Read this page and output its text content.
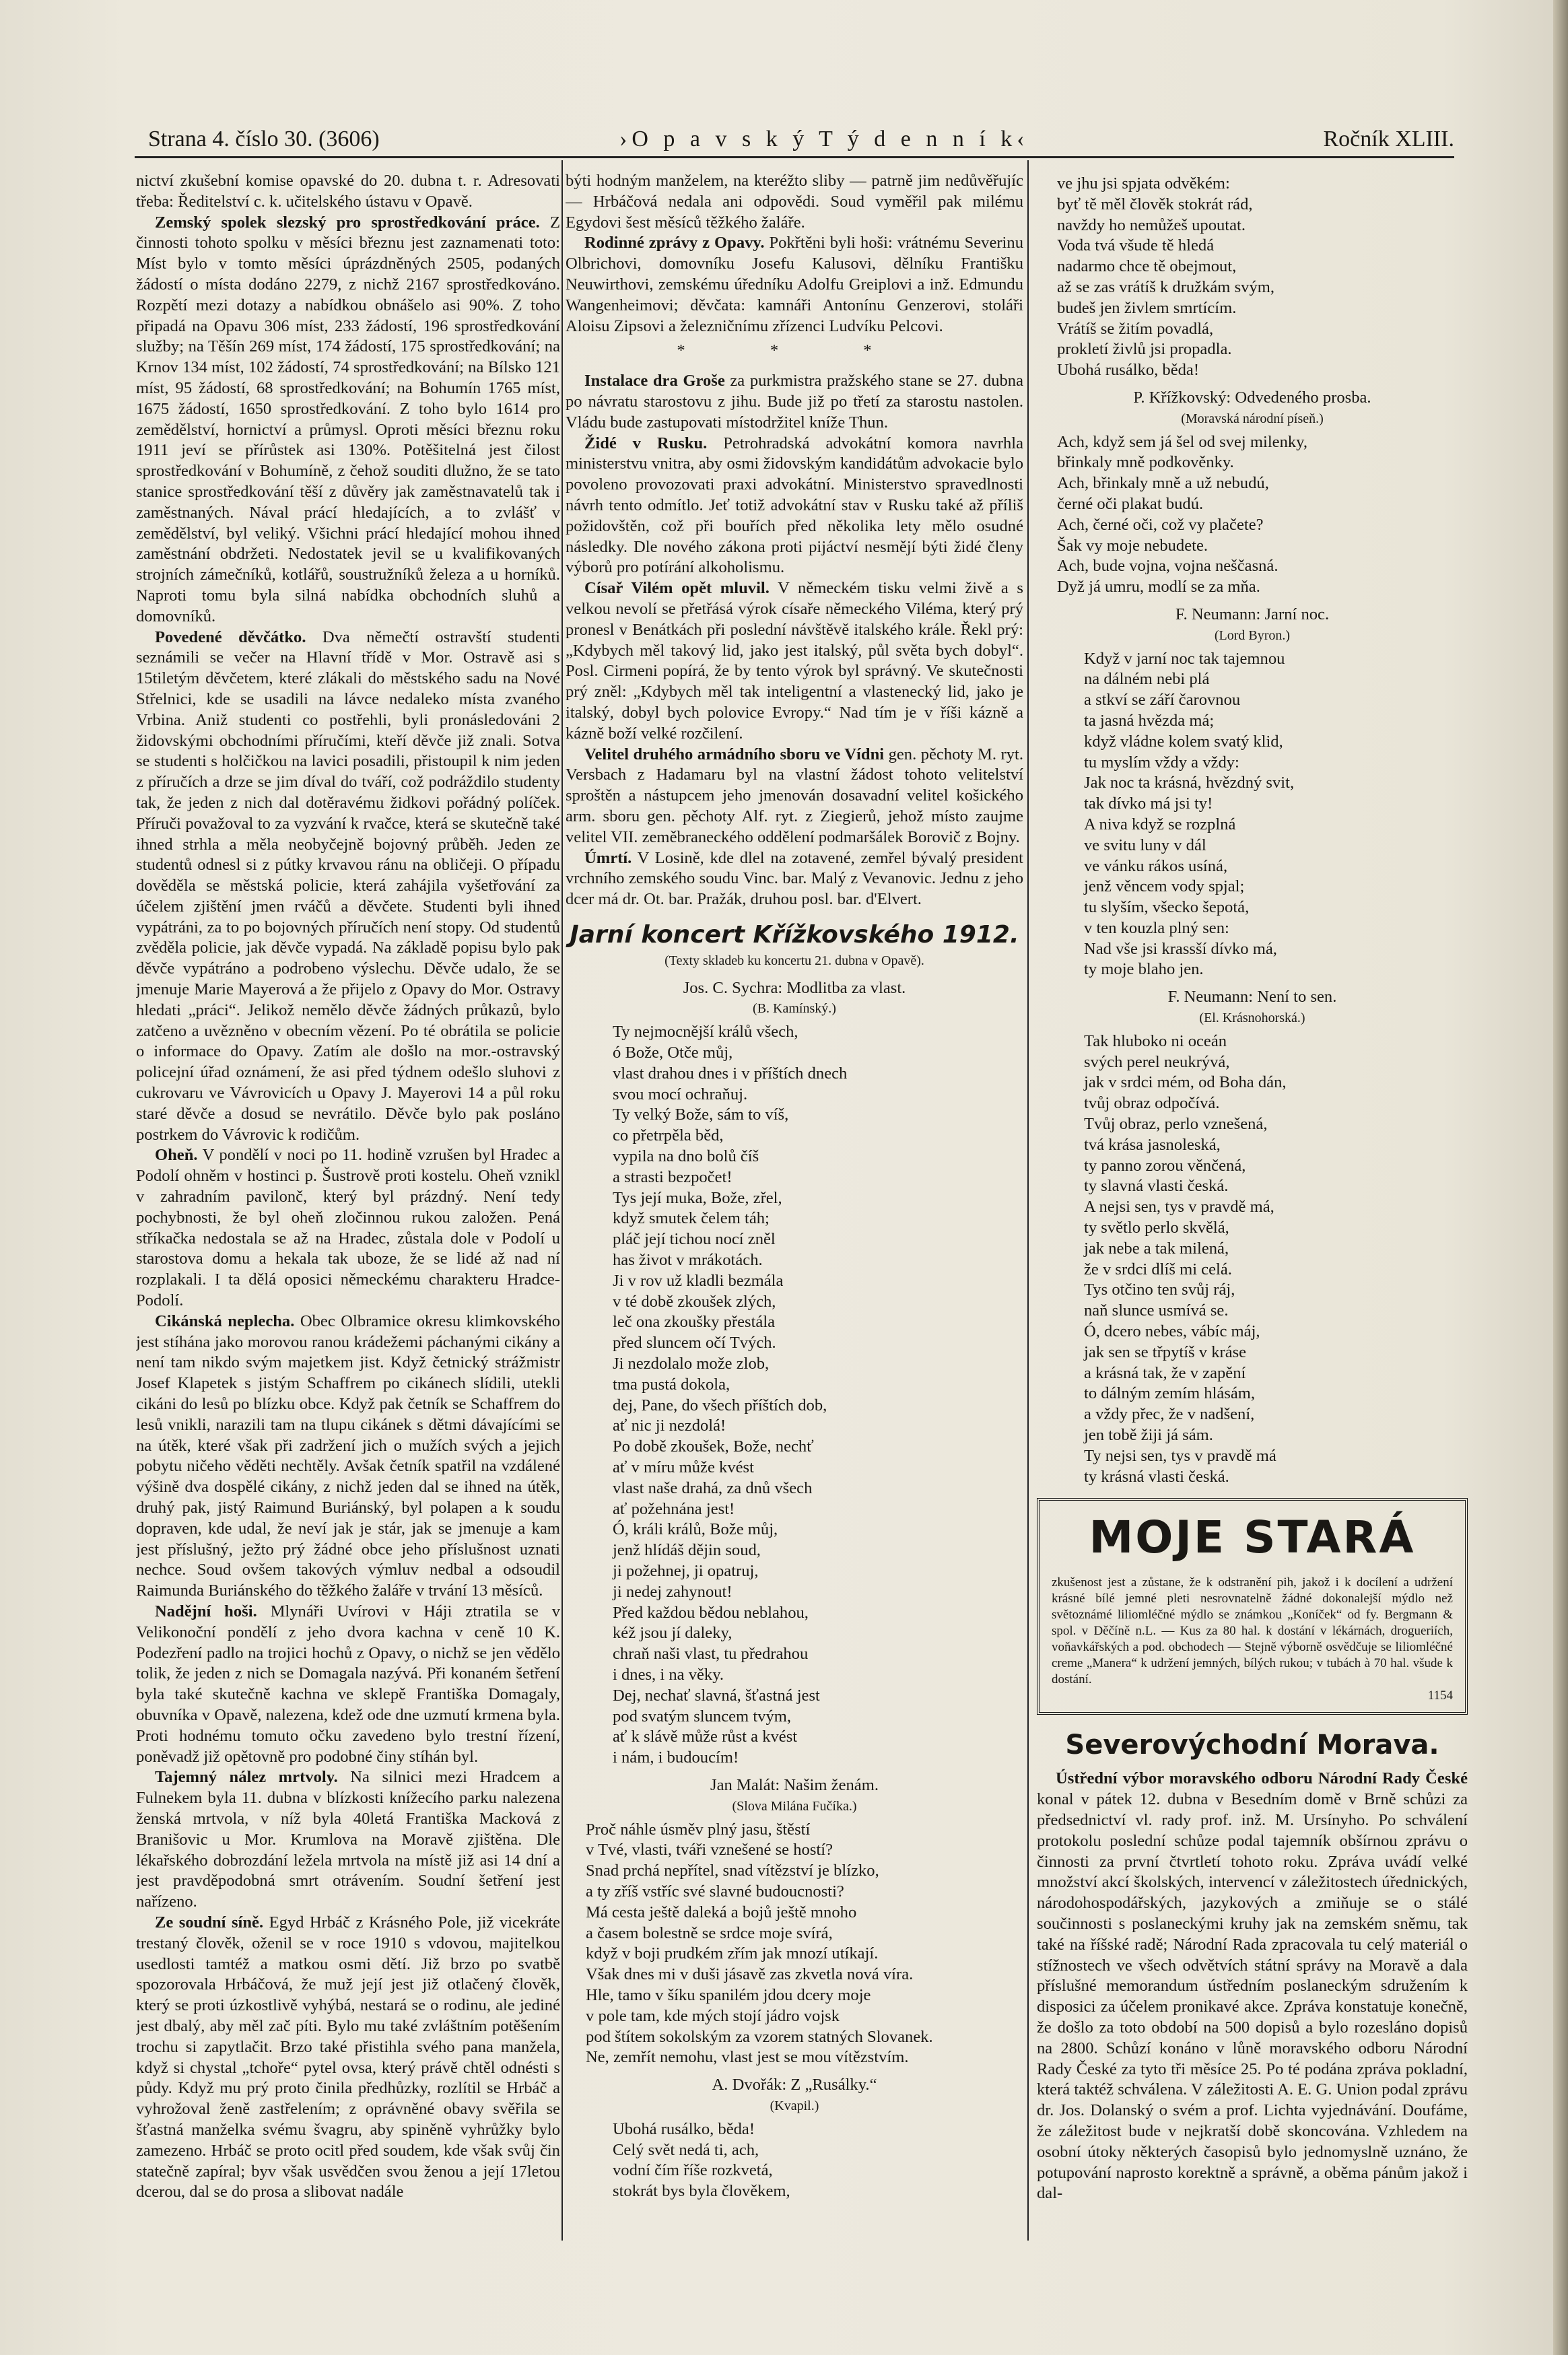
Strana 4. číslo 30. (3606)	›O p a v s k ý T ý d e n n í k‹	Ročník XLIII.

nictví zkušební komise opavské do 20. dubna t. r. Adresovati třeba: Ředitelství c. k. učitelského ústavu v Opavě.

Zemský spolek slezský pro sprostředkování práce. Z činnosti tohoto spolku v měsíci březnu jest zaznamenati toto: Míst bylo v tomto měsíci úprázdněných 2505, podaných žádostí o místa dodáno 2279, z nichž 2167 sprostředkováno. Rozpětí mezi dotazy a nabídkou obnášelo asi 90%. Z toho připadá na Opavu 306 míst, 233 žádostí, 196 sprostředkování služby; na Těšín 269 míst, 174 žádostí, 175 sprostředkování; na Krnov 134 míst, 102 žádostí, 74 sprostředkování; na Bílsko 121 míst, 95 žádostí, 68 sprostředkování; na Bohumín 1765 míst, 1675 žádostí, 1650 sprostředkování. Z toho bylo 1614 pro zemědělství, hornictví a průmysl. Oproti měsíci březnu roku 1911 jeví se přírůstek asi 130%. Potěšitelná jest čilost sprostředkování v Bohumíně, z čehož souditi dlužno, že se tato stanice sprostředkování těší z důvěry jak zaměstnavatelů tak i zaměstnaných. Nával prácí hledajících, a to zvlášť v zemědělství, byl veliký. Všichni prácí hledající mohou ihned zaměstnání obdržeti. Nedostatek jevil se u kvalifikovaných strojních zámečníků, kotlářů, soustružníků železa a u horníků. Naproti tomu byla silná nabídka obchodních sluhů a domovníků.

Povedené děvčátko. Dva němečtí ostravští studenti seznámili se večer na Hlavní třídě v Mor. Ostravě asi s 15tiletým děvčetem, které zlákali do městského sadu na Nové Střelnici, kde se usadili na lávce nedaleko místa zvaného Vrbina. Aniž studenti co postřehli, byli pronásledováni 2 židovskými obchodními příručími, kteří děvče již znali. Sotva se studenti s holčičkou na lavici posadili, přistoupil k nim jeden z příručích a drze se jim díval do tváří, což podráždilo studenty tak, že jeden z nich dal dotěravému židkovi pořádný políček. Příruči považoval to za vyzvání k rvačce, která se skutečně také ihned strhla a měla neobyčejně bojovný průběh. Jeden ze studentů odnesl si z pútky krvavou ránu na obličeji. O případu dověděla se městská policie, která zahájila vyšetřování za účelem zjištění jmen rváčů a děvčete. Studenti byli ihned vypátráni, za to po bojovných příručích není stopy. Od studentů zvěděla policie, jak děvče vypadá. Na základě popisu bylo pak děvče vypátráno a podrobeno výslechu. Děvče udalo, že se jmenuje Marie Mayerová a že přijelo z Opavy do Mor. Ostravy hledati „práci“. Jelikož nemělo děvče žádných průkazů, bylo zatčeno a uvězněno v obecním vězení. Po té obrátila se policie o informace do Opavy. Zatím ale došlo na mor.-ostravský policejní úřad oznámení, že asi před týdnem odešlo sluhovi z cukrovaru ve Vávrovicích u Opavy J. Mayerovi 14 a půl roku staré děvče a dosud se nevrátilo. Děvče bylo pak posláno postrkem do Vávrovic k rodičům.

Oheň. V pondělí v noci po 11. hodině vzrušen byl Hradec a Podolí ohněm v hostinci p. Šustrově proti kostelu. Oheň vznikl v zahradním pavilonč, který byl prázdný. Není tedy pochybnosti, že byl oheň zločinnou rukou založen. Pená stříkačka nedostala se až na Hradec, zůstala dole v Podolí u starostova domu a hekala tak uboze, že se lidé až nad ní rozplakali. I ta dělá oposici německému charakteru Hradce-Podolí.

Cikánská neplecha. Obec Olbramice okresu klimkovského jest stíhána jako morovou ranou krádežemi páchanými cikány a není tam nikdo svým majetkem jist. Když četnický strážmistr Josef Klapetek s jistým Schaffrem po cikánech slídili, utekli cikáni do lesů po blízku obce. Když pak četník se Schaffrem do lesů vnikli, narazili tam na tlupu cikánek s dětmi dávajícími se na útěk, které však při zadržení jich o mužích svých a jejich pobytu ničeho věděti nechtěly. Avšak četník spatřil na vzdálené výšině dva dospělé cikány, z nichž jeden dal se ihned na útěk, druhý pak, jistý Raimund Buriánský, byl polapen a k soudu dopraven, kde udal, že neví jak je stár, jak se jmenuje a kam jest příslušný, ježto prý žádné obce jeho příslušnost uznati nechce. Soud ovšem takových výmluv nedbal a odsoudil Raimunda Buriánského do těžkého žaláře v trvání 13 měsíců.

Nadějní hoši. Mlynáři Uvírovi v Háji ztratila se v Velikonoční pondělí z jeho dvora kachna v ceně 10 K. Podezření padlo na trojici hochů z Opavy, o nichž se jen vědělo tolik, že jeden z nich se Domagala nazývá. Při konaném šetření byla také skutečně kachna ve sklepě Františka Domagaly, obuvníka v Opavě, nalezena, kdež ode dne uzmutí krmena byla. Proti hodnému tomuto očku zavedeno bylo trestní řízení, poněvadž již opětovně pro podobné činy stíhán byl.

Tajemný nález mrtvoly. Na silnici mezi Hradcem a Fulnekem byla 11. dubna v blízkosti knížecího parku nalezena ženská mrtvola, v níž byla 40letá Františka Macková z Branišovic u Mor. Krumlova na Moravě zjištěna. Dle lékařského dobrozdání ležela mrtvola na místě již asi 14 dní a jest pravděpodobná smrt otrávením. Soudní šetření jest nařízeno.

Ze soudní síně. Egyd Hrbáč z Krásného Pole, již vicekráte trestaný člověk, oženil se v roce 1910 s vdovou, majitelkou usedlosti tamtéž a matkou osmi dětí. Již brzo po svatbě spozorovala Hrbáčová, že muž její jest již otlačený člověk, který se proti úzkostlivě vyhýbá, nestará se o rodinu, ale jediné jest dbalý, aby měl zač píti. Bylo mu také zvláštním potěšením trochu si zapytlačit. Brzo také přistihla svého pana manžela, když si chystal „tchoře“ pytel ovsa, který právě chtěl odnésti s půdy. Když mu prý proto činila předhůzky, rozlítil se Hrbáč a vyhrožoval ženě zastřelením; z oprávněné obavy svěřila se šťastná manželka svému švagru, aby spiněně vyhrůžky bylo zamezeno. Hrbáč se proto ocitl před soudem, kde však svůj čin statečně zapíral; byv však usvědčen svou ženou a její 17letou dcerou, dal se do prosa a slibovat nadále

býti hodným manželem, na kteréžto sliby — patrně jim nedůvěřujíc — Hrbáčová nedala ani odpovědi. Soud vyměřil pak milému Egydovi šest měsíců těžkého žaláře.

Rodinné zprávy z Opavy. Pokřtěni byli hoši: vrátnému Severinu Olbrichovi, domovníku Josefu Kalusovi, dělníku Františku Neuwirthovi, zemskému úředníku Adolfu Greiplovi a inž. Edmundu Wangenheimovi; děvčata: kamnáři Antonínu Genzerovi, stoláři Aloisu Zipsovi a železničnímu zřízenci Ludvíku Pelcovi.

* * *

Instalace dra Groše za purkmistra pražského stane se 27. dubna po návratu starostovu z jihu. Bude již po třetí za starostu nastolen. Vládu bude zastupovati místodržitel kníže Thun.

Židé v Rusku. Petrohradská advokátní komora navrhla ministerstvu vnitra, aby osmi židovským kandidátům advokacie bylo povoleno provozovati praxi advokátní. Ministerstvo spravedlnosti návrh tento odmítlo. Jeť totiž advokátní stav v Rusku také až příliš požidovštěn, což při bouřích před několika lety mělo osudné následky. Dle nového zákona proti pijáctví nesmějí býti židé členy výborů pro potírání alkoholismu.

Císař Vilém opět mluvil. V německém tisku velmi živě a s velkou nevolí se přetřásá výrok císaře německého Viléma, který prý pronesl v Benátkách při poslední návštěvě italského krále. Řekl prý: „Kdybych měl takový lid, jako jest italský, půl světa bych dobyl“. Posl. Cirmeni popírá, že by tento výrok byl správný. Ve skutečnosti prý zněl: „Kdybych měl tak inteligentní a vlastenecký lid, jako je italský, dobyl bych polovice Evropy.“ Nad tím je v říši kázně a kázně boží velké rozčilení.

Velitel druhého armádního sboru ve Vídni gen. pěchoty M. ryt. Versbach z Hadamaru byl na vlastní žádost tohoto velitelství sproštěn a nástupcem jeho jmenován dosavadní velitel košického arm. sboru gen. pěchoty Alf. ryt. z Ziegierů, jehož místo zaujme velitel VII. zeměbraneckého oddělení podmaršálek Borovič z Bojny.

Úmrtí. V Losině, kde dlel na zotavené, zemřel bývalý president vrchního zemského soudu Vinc. bar. Malý z Vevanovic. Jednu z jeho dcer má dr. Ot. bar. Pražák, druhou posl. bar. d'Elvert.

Jarní koncert Křížkovského 1912.

(Texty skladeb ku koncertu 21. dubna v Opavě).

Jos. C. Sychra: Modlitba za vlast.
(B. Kamínský.)
Ty nejmocnější králů všech,
ó Bože, Otče můj,
vlast drahou dnes i v příštích dnech
svou mocí ochraňuj.
Ty velký Bože, sám to víš,
co přetrpěla běd,
vypila na dno bolů číš
a strasti bezpočet!
Tys její muka, Bože, zřel,
když smutek čelem táh;
pláč její tichou nocí zněl
has život v mrákotách.
Ji v rov už kladli bezmála
v té době zkoušek zlých,
leč ona zkoušky přestála
před sluncem očí Tvých.
Ji nezdolalo može zlob,
tma pustá dokola,
dej, Pane, do všech příštích dob,
ať nic ji nezdolá!
Po době zkoušek, Bože, nechť
ať v míru může kvést
vlast naše drahá, za dnů všech
ať požehnána jest!
Ó, králi králů, Bože můj,
jenž hlídáš dějin soud,
ji požehnej, ji opatruj,
ji nedej zahynout!
Před každou bědou neblahou,
kéž jsou jí daleky,
chraň naši vlast, tu předrahou
i dnes, i na věky.
Dej, nechať slavná, šťastná jest
pod svatým sluncem tvým,
ať k slávě může růst a kvést
i nám, i budoucím!
Jan Malát: Našim ženám.
(Slova Milána Fučíka.)
Proč náhle úsměv plný jasu, štěstí
v Tvé, vlasti, tváři vznešené se hostí?
Snad prchá nepřítel, snad vítězství je blízko,
a ty zříš vstříc své slavné budoucnosti?
Má cesta ještě daleká a bojů ještě mnoho
a časem bolestně se srdce moje svírá,
když v boji prudkém zřím jak mnozí utíkají.
Však dnes mi v duši jásavě zas zkvetla nová víra.
Hle, tamo v šíku spanilém jdou dcery moje
v pole tam, kde mých stojí jádro vojsk
pod štítem sokolským za vzorem statných Slovanek.
Ne, zemřít nemohu, vlast jest se mou vítězstvím.
A. Dvořák: Z „Rusálky.“
(Kvapil.)
Ubohá rusálko, běda!
Celý svět nedá ti, ach,
vodní čím říše rozkvetá,
stokrát bys byla člověkem,
ve jhu jsi spjata odvěkém:
byť tě měl člověk stokrát rád,
navždy ho nemůžeš upoutat.
Voda tvá všude tě hledá
nadarmo chce tě obejmout,
až se zas vrátíš k družkám svým,
budeš jen živlem smrtícím.
Vrátíš se žitím povadlá,
prokletí živlů jsi propadla.
Ubohá rusálko, běda!
P. Křížkovský: Odvedeného prosba.
(Moravská národní píseň.)
Ach, když sem já šel od svej milenky,
břinkaly mně podkověnky.
Ach, břinkaly mně a už nebudú,
černé oči plakat budú.
Ach, černé oči, což vy plačete?
Šak vy moje nebudete.
Ach, bude vojna, vojna neščasná.
Dyž já umru, modlí se za mňa.
F. Neumann: Jarní noc.
(Lord Byron.)
Když v jarní noc tak tajemnou
na dálném nebi plá
a stkví se září čarovnou
ta jasná hvězda má;
když vládne kolem svatý klid,
tu myslím vždy a vždy:
Jak noc ta krásná, hvězdný svit,
tak dívko má jsi ty!
A niva když se rozplná
ve svitu luny v dál
ve vánku rákos usíná,
jenž věncem vody spjal;
tu slyším, všecko šepotá,
v ten kouzla plný sen:
Nad vše jsi krassší dívko má,
ty moje blaho jen.
F. Neumann: Není to sen.
(El. Krásnohorská.)
Tak hluboko ni oceán
svých perel neukrývá,
jak v srdci mém, od Boha dán,
tvůj obraz odpočívá.
Tvůj obraz, perlo vznešená,
tvá krása jasnoleská,
ty panno zorou věnčená,
ty slavná vlasti česká.
A nejsi sen, tys v pravdě má,
ty světlo perlo skvělá,
jak nebe a tak milená,
že v srdci dlíš mi celá.
Tys otčino ten svůj ráj,
naň slunce usmívá se.
Ó, dcero nebes, vábíc máj,
jak sen se třpytíš v kráse
a krásná tak, že v zapění
to dálným zemím hlásám,
a vždy přec, že v nadšení,
jen tobě žiji já sám.
Ty nejsi sen, tys v pravdě má
ty krásná vlasti česká.
MOJE STARÁ
zkušenost jest a zůstane, že k odstranění pih, jakož i k docílení a udržení krásné bílé jemné pleti nesrovnatelně žádné dokonalejší mýdlo než světoznámé liliomléčné mýdlo se známkou „Koníček“ od fy. Bergmann & spol. v Děčíně n.L. — Kus za 80 hal. k dostání v lékárnách, drogueriích, voňavkářských a pod. obchodech — Stejně výborně osvědčuje se liliomléčné creme „Manera“ k udržení jemných, bílých rukou; v tubách à 70 hal. všude k dostání.
1154
Severovýchodní Morava.

Ústřední výbor moravského odboru Národní Rady České konal v pátek 12. dubna v Besedním domě v Brně schůzi za předsednictví vl. rady prof. inž. M. Ursínyho. Po schválení protokolu poslední schůze podal tajemník obšírnou zprávu o činnosti za první čtvrtletí tohoto roku. Zpráva uvádí velké množství akcí školských, intervencí v záležitostech úřednických, národohospodářských, jazykových a zmiňuje se o stálé součinnosti s poslaneckými kruhy jak na zemském sněmu, tak také na říšské radě; Národní Rada zpracovala tu celý materiál o stížnostech ve všech odvětvích státní správy na Moravě a dala příslušné memorandum ústředním poslaneckým sdružením k disposici za účelem pronikavé akce. Zpráva konstatuje konečně, že došlo za toto období na 500 dopisů a bylo rozesláno dopisů na 2800. Schůzí konáno v lůně moravského odboru Národní Rady České za tyto tři měsíce 25. Po té podána zpráva pokladní, která taktéž schválena. V záležitosti A. E. G. Union podal zprávu dr. Jos. Dolanský o svém a prof. Lichta vyjednávání. Doufáme, že záležitost bude v nejkratší době skoncována. Vzhledem na osobní útoky některých časopisů bylo jednomyslně uznáno, že potupování naprosto korektně a správně, a oběma pánům jakož i dal-
